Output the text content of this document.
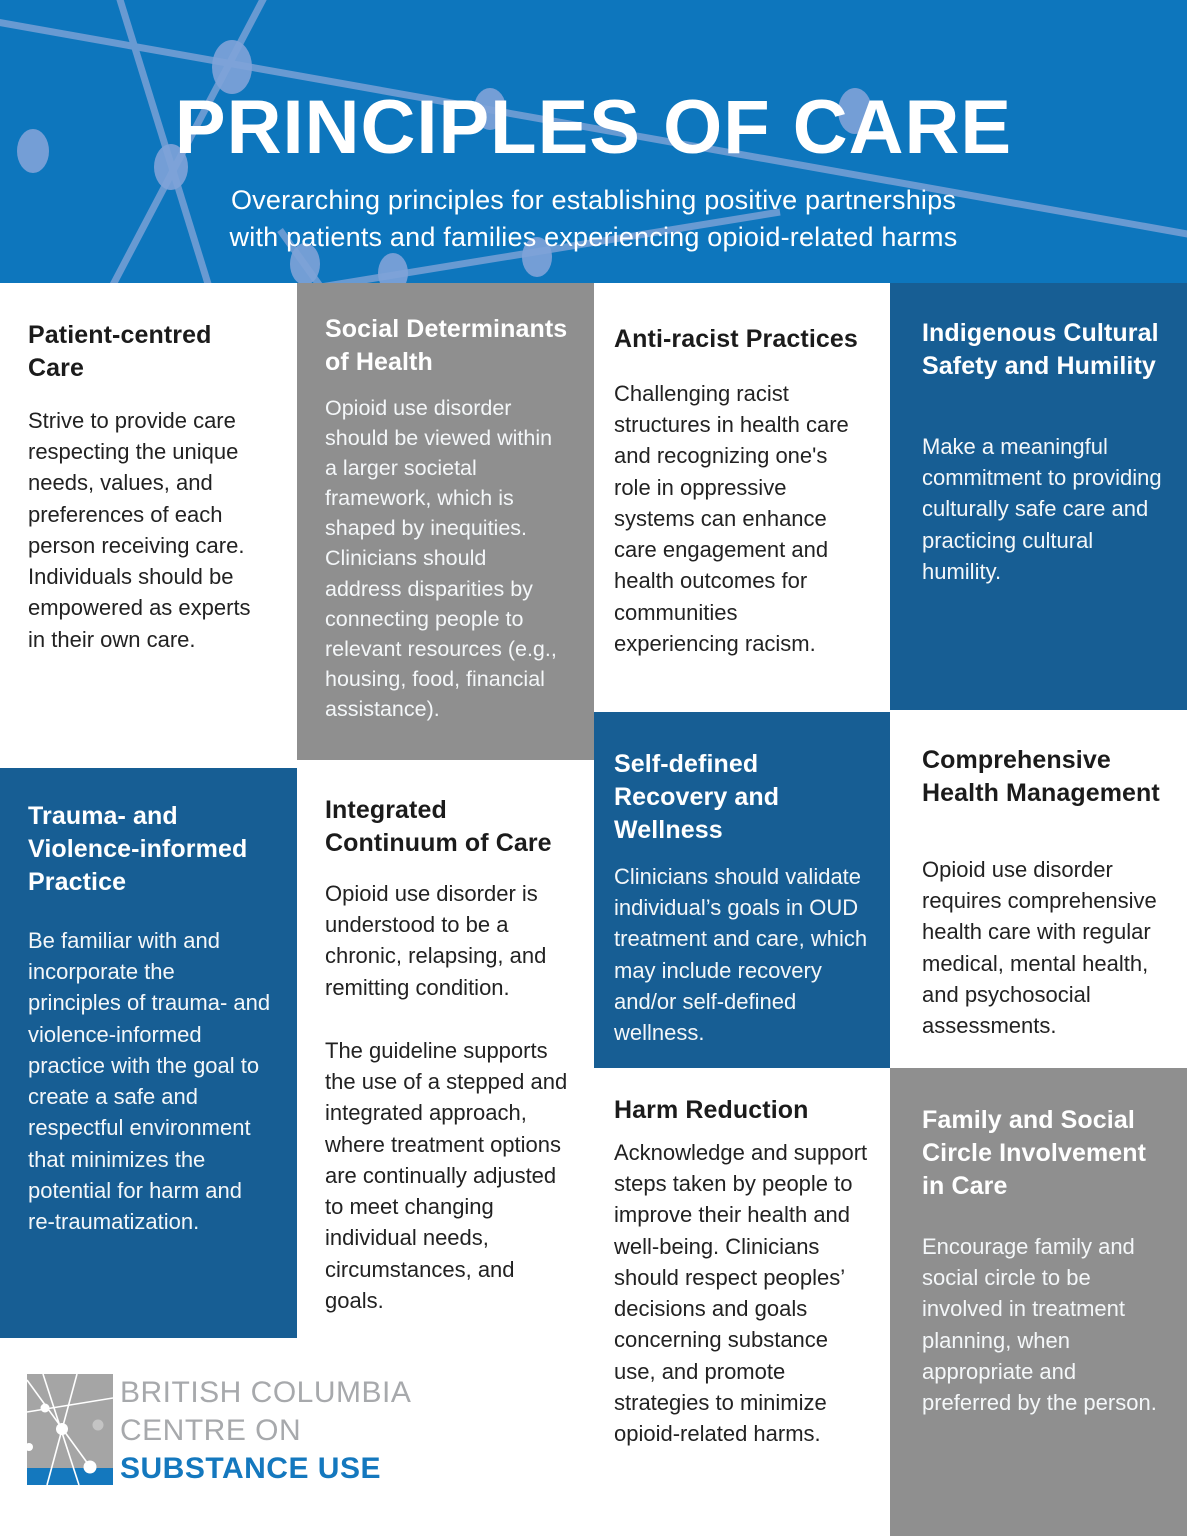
PRINCIPLES OF CARE

Overarching principles for establishing positive partnerships
with patients and families experiencing opioid-related harms

Patient-centred Care

Strive to provide care respecting the unique needs, values, and preferences of each person receiving care. Individuals should be empowered as experts in their own care.

Trauma- and Violence-informed Practice

Be familiar with and incorporate the principles of trauma- and violence-informed practice with the goal to create a safe and respectful environment that minimizes the potential for harm and re-traumatization.

Social Determinants of Health

Opioid use disorder should be viewed within a larger societal framework, which is shaped by inequities. Clinicians should address disparities by connecting people to relevant resources (e.g., housing, food, financial assistance).

Integrated Continuum of Care

Opioid use disorder is understood to be a chronic, relapsing, and remitting condition.

The guideline supports the use of a stepped and integrated approach, where treatment options are continually adjusted to meet changing individual needs, circumstances, and goals.

Anti-racist Practices

Challenging racist structures in health care and recognizing one's role in oppressive systems can enhance care engagement and health outcomes for communities experiencing racism.

Self-defined Recovery and Wellness

Clinicians should validate individual’s goals in OUD treatment and care, which may include recovery and/or self-defined wellness.

Harm Reduction

Acknowledge and support steps taken by people to improve their health and well-being. Clinicians should respect peoples’ decisions and goals concerning substance use, and promote strategies to minimize opioid-related harms.

Indigenous Cultural Safety and Humility

Make a meaningful commitment to providing culturally safe care and practicing cultural humility.

Comprehensive Health Management

Opioid use disorder requires comprehensive health care with regular medical, mental health, and psychosocial assessments.

Family and Social Circle Involvement in Care

Encourage family and social circle to be involved in treatment planning, when appropriate and preferred by the person.

BRITISH COLUMBIA

CENTRE ON

SUBSTANCE USE
